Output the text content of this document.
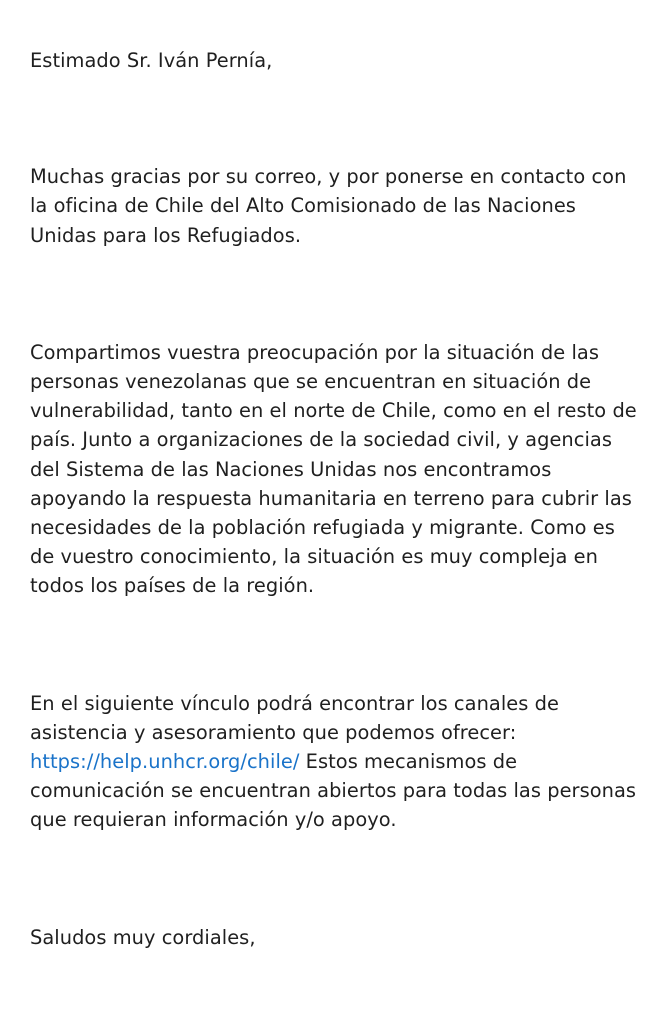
Estimado Sr. Iván Pernía,

Muchas gracias por su correo, y por ponerse en contacto con la oficina de Chile del Alto Comisionado de las Naciones Unidas para los Refugiados.

Compartimos vuestra preocupación por la situación de las personas venezolanas que se encuentran en situación de vulnerabilidad, tanto en el norte de Chile, como en el resto de país. Junto a organizaciones de la sociedad civil, y agencias del Sistema de las Naciones Unidas nos encontramos apoyando la respuesta humanitaria en terreno para cubrir las necesidades de la población refugiada y migrante. Como es de vuestro conocimiento, la situación es muy compleja en todos los países de la región.

En el siguiente vínculo podrá encontrar los canales de asistencia y asesoramiento que podemos ofrecer: https://help.unhcr.org/chile/ Estos mecanismos de comunicación se encuentran abiertos para todas las personas que requieran información y/o apoyo.

Saludos muy cordiales,
